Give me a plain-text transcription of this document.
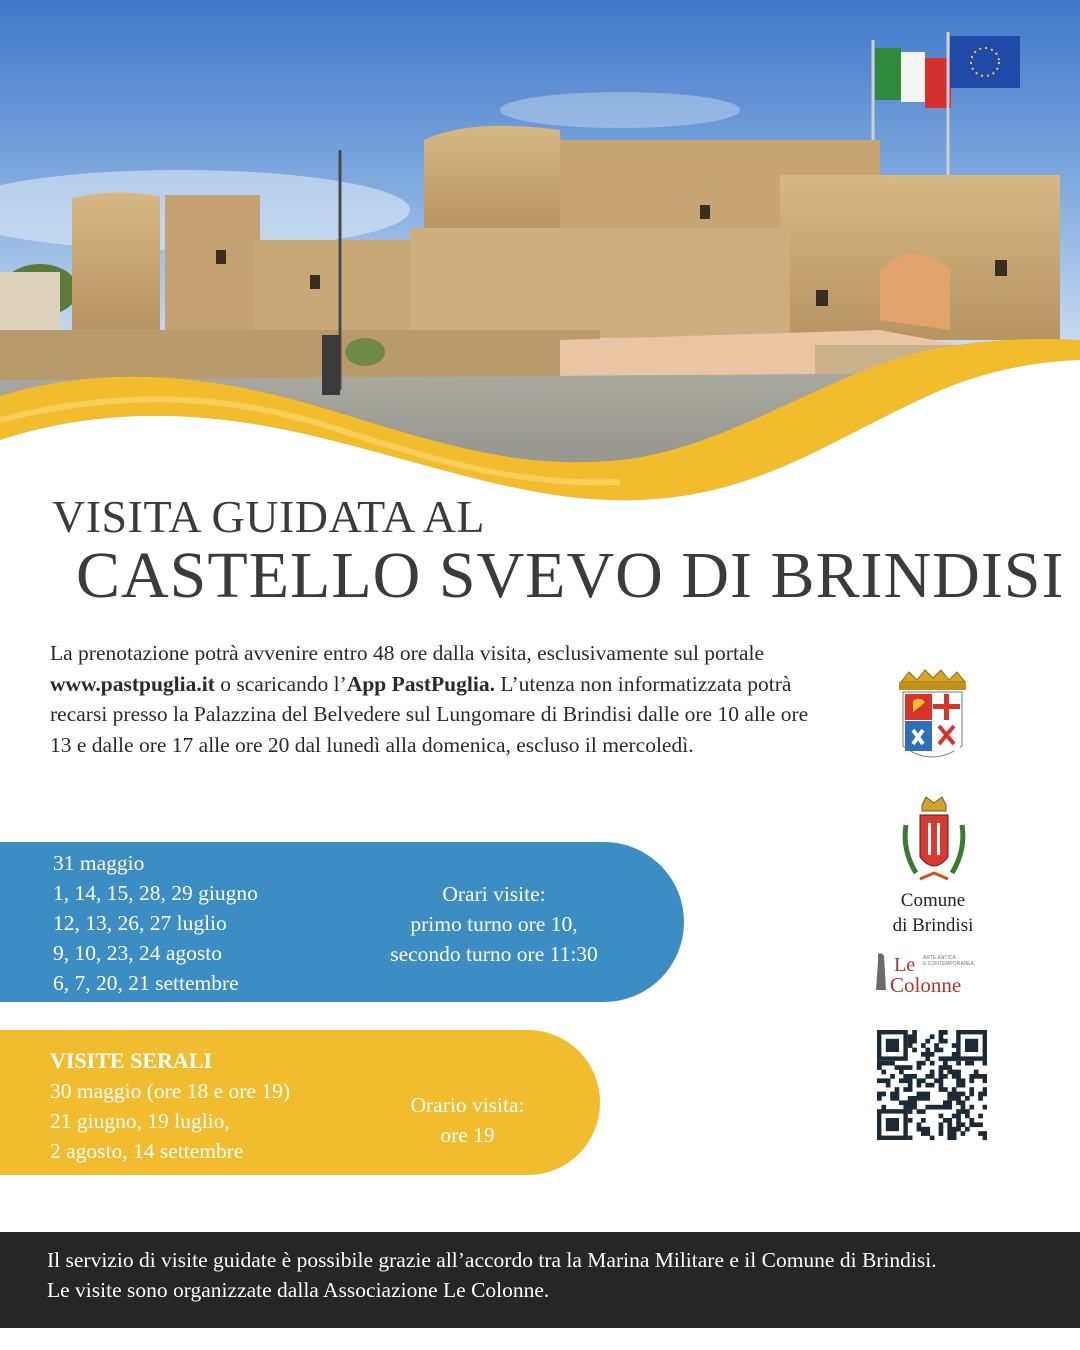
VISITA GUIDATA AL
CASTELLO SVEVO DI BRINDISI
La prenotazione potrà avvenire entro 48 ore dalla visita, esclusivamente sul portale www.pastpuglia.it o scaricando l’App PastPuglia. L’utenza non informatizzata potrà recarsi presso la Palazzina del Belvedere sul Lungomare di Brindisi dalle ore 10 alle ore 13 e dalle ore 17 alle ore 20 dal lunedì alla domenica, escluso il mercoledì.
31 maggio
1, 14, 15, 28, 29 giugno
12, 13, 26, 27 luglio
9, 10, 23, 24 agosto
6, 7, 20, 21 settembre
Orari visite:
primo turno ore 10,
secondo turno ore 11:30
VISITE SERALI
30 maggio (ore 18 e ore 19)
21 giugno, 19 luglio,
2 agosto, 14 settembre
Orario visita:
ore 19
Comune
di Brindisi
Le ARTE ANTICA
E CONTEMPORANEA
Colonne

Il servizio di visite guidate è possibile grazie all’accordo tra la Marina Militare e il Comune di Brindisi.
Le visite sono organizzate dalla Associazione Le Colonne.
